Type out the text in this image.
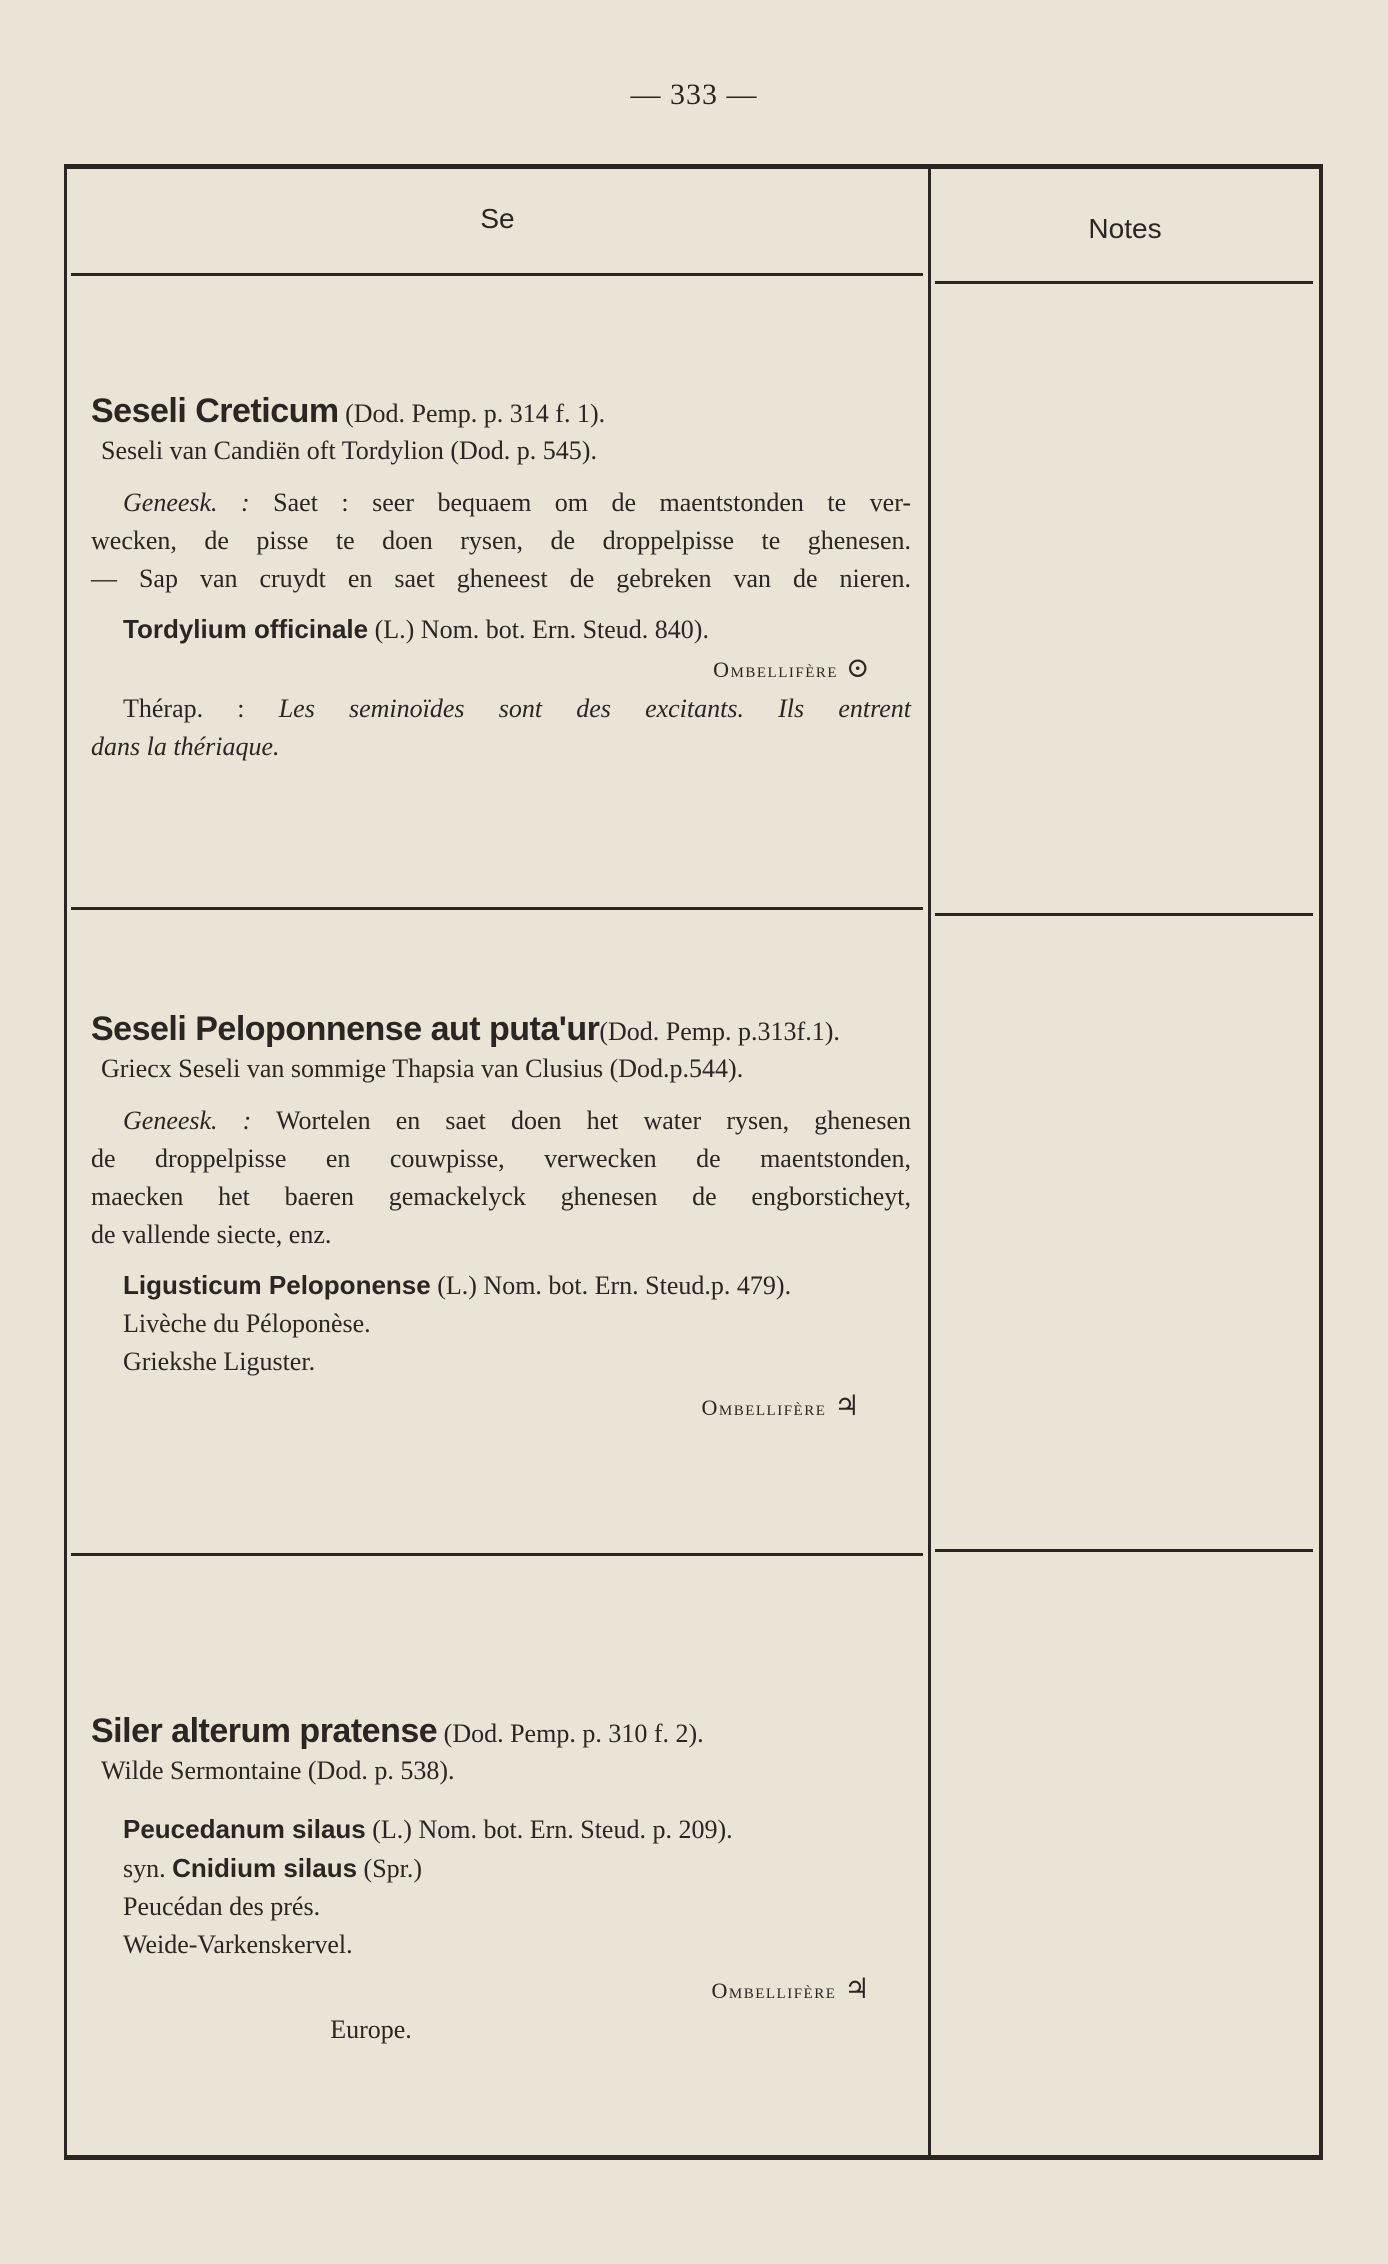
— 333 —
Se	Notes
Seseli Creticum (Dod. Pemp. p. 314 f. 1).
Seseli van Candiën oft Tordylion (Dod. p. 545).
Geneesk. : Saet : seer bequaem om de maentstonden te ver-
wecken, de pisse te doen rysen, de droppelpisse te ghenesen.
— Sap van cruydt en saet gheneest de gebreken van de nieren.
Tordylium officinale (L.) Nom. bot. Ern. Steud. 840).
Ombellifère ⊙
Thérap. : Les seminoïdes sont des excitants. Ils entrent
dans la thériaque.
Seseli Peloponnense aut puta'ur(Dod. Pemp. p.313f.1).
Griecx Seseli van sommige Thapsia van Clusius (Dod.p.544).
Geneesk. : Wortelen en saet doen het water rysen, ghenesen
de droppelpisse en couwpisse, verwecken de maentstonden,
maecken het baeren gemackelyck ghenesen de engborsticheyt,
de vallende siecte, enz.
Ligusticum Peloponense (L.) Nom. bot. Ern. Steud.p. 479).
Livèche du Péloponèse.
Griekshe Liguster.
Ombellifère ♃
Siler alterum pratense (Dod. Pemp. p. 310 f. 2).
Wilde Sermontaine (Dod. p. 538).
Peucedanum silaus (L.) Nom. bot. Ern. Steud. p. 209).
syn. Cnidium silaus (Spr.)
Peucédan des prés.
Weide-Varkenskervel.
Ombellifère ♃
Europe.
